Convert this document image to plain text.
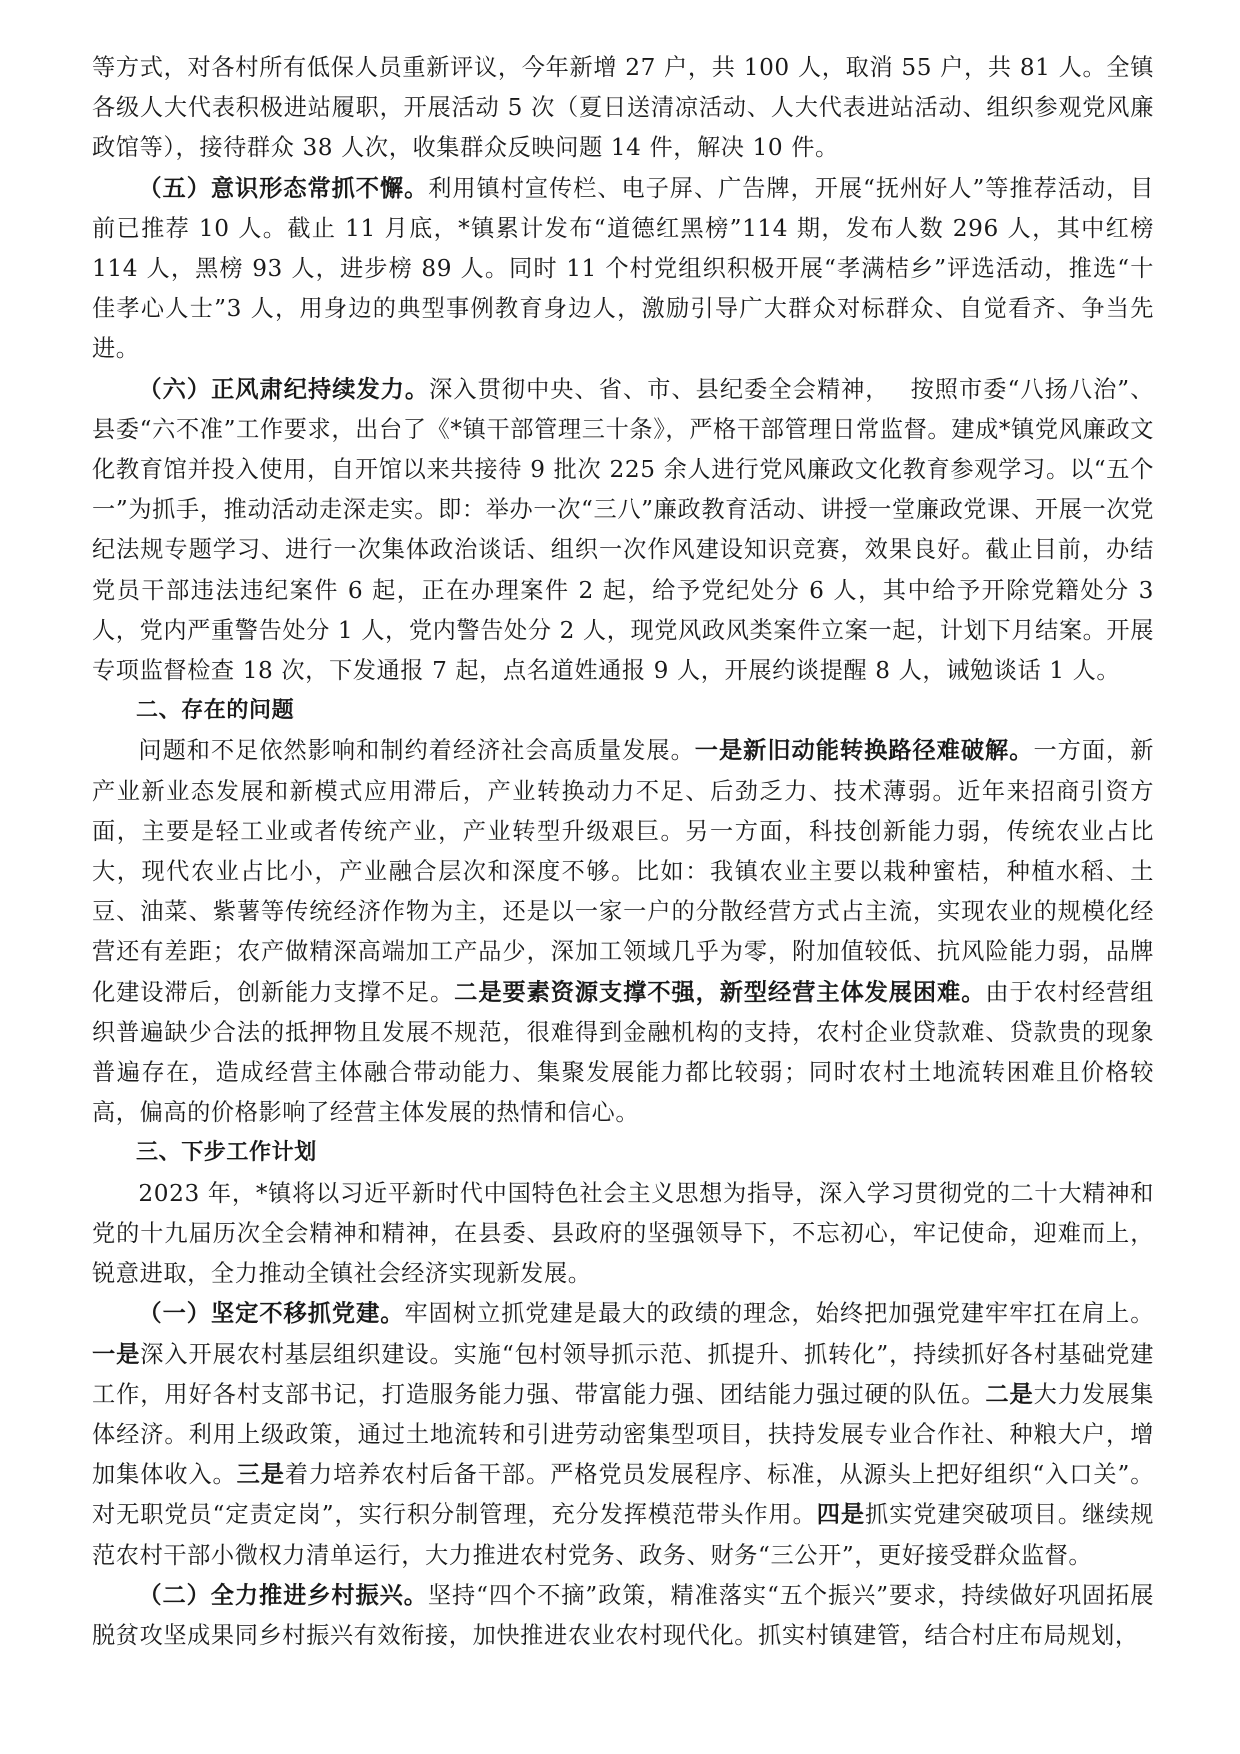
等方式，对各村所有低保人员重新评议，今年新增 27 户，共 100 人，取消 55 户，共 81 人。全镇各级人大代表积极进站履职，开展活动 5 次（夏日送清凉活动、人大代表进站活动、组织参观党风廉政馆等），接待群众 38 人次，收集群众反映问题 14 件，解决 10 件。

（五）意识形态常抓不懈。利用镇村宣传栏、电子屏、广告牌，开展“抚州好人”等推荐活动，目前已推荐 10 人。截止 11 月底，*镇累计发布“道德红黑榜”114 期，发布人数 296 人，其中红榜 114 人，黑榜 93 人，进步榜 89 人。同时 11 个村党组织积极开展“孝满桔乡”评选活动，推选“十佳孝心人士”3 人，用身边的典型事例教育身边人，激励引导广大群众对标群众、自觉看齐、争当先进。

（六）正风肃纪持续发力。深入贯彻中央、省、市、县纪委全会精神，　 按照市委“八扬八治”、县委“六不准”工作要求，出台了《*镇干部管理三十条》，严格干部管理日常监督。建成*镇党风廉政文化教育馆并投入使用，自开馆以来共接待 9 批次 225 余人进行党风廉政文化教育参观学习。以“五个一”为抓手，推动活动走深走实。即：举办一次“三八”廉政教育活动、讲授一堂廉政党课、开展一次党纪法规专题学习、进行一次集体政治谈话、组织一次作风建设知识竞赛，效果良好。截止目前，办结党员干部违法违纪案件 6 起，正在办理案件 2 起，给予党纪处分 6 人，其中给予开除党籍处分 3 人，党内严重警告处分 1 人，党内警告处分 2 人，现党风政风类案件立案一起，计划下月结案。开展专项监督检查 18 次，下发通报 7 起，点名道姓通报 9 人，开展约谈提醒 8 人，诫勉谈话 1 人。

二、存在的问题

问题和不足依然影响和制约着经济社会高质量发展。一是新旧动能转换路径难破解。一方面，新产业新业态发展和新模式应用滞后，产业转换动力不足、后劲乏力、技术薄弱。近年来招商引资方面，主要是轻工业或者传统产业，产业转型升级艰巨。另一方面，科技创新能力弱，传统农业占比大，现代农业占比小，产业融合层次和深度不够。比如：我镇农业主要以栽种蜜桔，种植水稻、土豆、油菜、紫薯等传统经济作物为主，还是以一家一户的分散经营方式占主流，实现农业的规模化经营还有差距；农产做精深高端加工产品少，深加工领域几乎为零，附加值较低、抗风险能力弱，品牌化建设滞后，创新能力支撑不足。二是要素资源支撑不强，新型经营主体发展困难。由于农村经营组织普遍缺少合法的抵押物且发展不规范，很难得到金融机构的支持，农村企业贷款难、贷款贵的现象普遍存在，造成经营主体融合带动能力、集聚发展能力都比较弱；同时农村土地流转困难且价格较高，偏高的价格影响了经营主体发展的热情和信心。

三、下步工作计划

2023 年，*镇将以习近平新时代中国特色社会主义思想为指导，深入学习贯彻党的二十大精神和党的十九届历次全会精神和精神，在县委、县政府的坚强领导下，不忘初心，牢记使命，迎难而上，锐意进取，全力推动全镇社会经济实现新发展。

（一）坚定不移抓党建。牢固树立抓党建是最大的政绩的理念，始终把加强党建牢牢扛在肩上。一是深入开展农村基层组织建设。实施“包村领导抓示范、抓提升、抓转化”，持续抓好各村基础党建工作，用好各村支部书记，打造服务能力强、带富能力强、团结能力强过硬的队伍。二是大力发展集体经济。利用上级政策，通过土地流转和引进劳动密集型项目，扶持发展专业合作社、种粮大户，增加集体收入。三是着力培养农村后备干部。严格党员发展程序、标准，从源头上把好组织“入口关”。对无职党员“定责定岗”，实行积分制管理，充分发挥模范带头作用。四是抓实党建突破项目。继续规范农村干部小微权力清单运行，大力推进农村党务、政务、财务“三公开”，更好接受群众监督。

（二）全力推进乡村振兴。坚持“四个不摘”政策，精准落实“五个振兴”要求，持续做好巩固拓展脱贫攻坚成果同乡村振兴有效衔接，加快推进农业农村现代化。抓实村镇建管，结合村庄布局规划，
